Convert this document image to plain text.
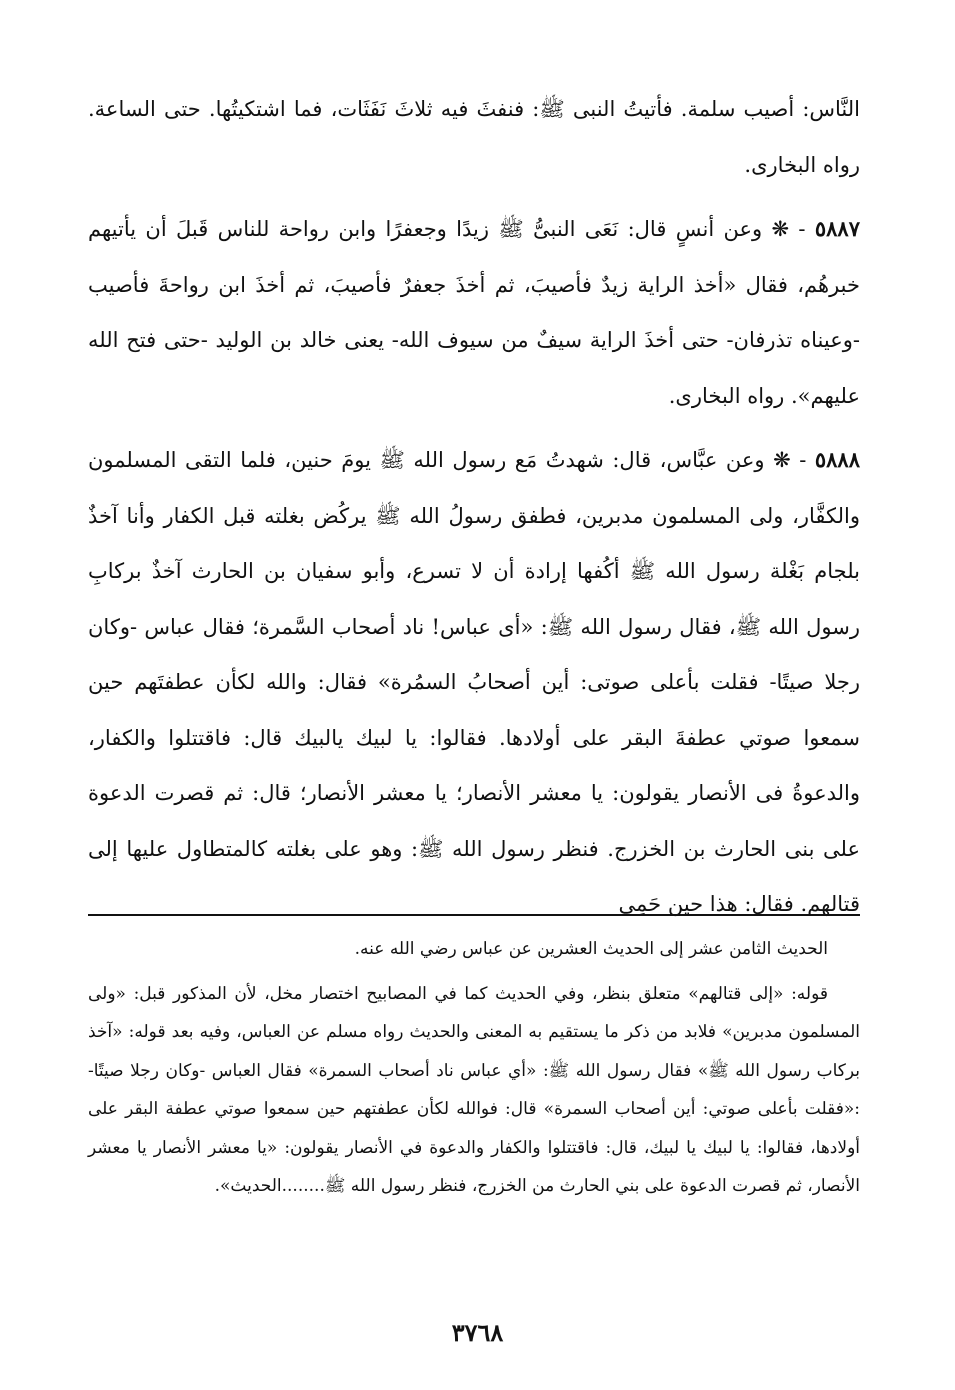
النَّاس: أصيب سلمة. فأتيتُ النبى ﷺ: فنفثَ فيه ثلاثَ نَفَثَات، فما اشتكيتُها. حتى الساعة. رواه البخارى.

٥٨٨٧ - ❋ وعن أنسٍ قال: نَعَى النبىُّ ﷺ زيدًا وجعفرًا وابن رواحة للناس قَبلَ أن يأتيهم خبرهُم، فقال «أخذ الراية زيدٌ فأصيبَ، ثم أخذَ جعفرٌ فأصيبَ، ثم أخذَ ابن رواحةَ فأصيب -وعيناه تذرفان- حتى أخذَ الراية سيفٌ من سيوف الله- يعنى خالد بن الوليد -حتى فتح الله عليهم». رواه البخارى.

٥٨٨٨ - ❋ وعن عبَّاس، قال: شهدتُ مَع رسول الله ﷺ يومَ حنين، فلما التقى المسلمون والكفَّار، ولى المسلمون مدبرين، فطفق رسولُ الله ﷺ يركُض بغلته قبل الكفار وأنا آخذٌ بلجام بَغْلة رسول الله ﷺ أكُفها إرادة أن لا تسرع، وأبو سفيان بن الحارث آخذٌ بركابِ رسول الله ﷺ، فقال رسول الله ﷺ: «أى عباس! ناد أصحاب السَّمرة؛ فقال عباس -وكان رجلا صيتًا- فقلت بأعلى صوتى: أين أصحابُ السمُرة» فقال: والله لكأن عطفتَهم حين سمعوا صوتي عطفةَ البقر على أولادها. فقالوا: يا لبيك يالبيك قال: فاقتتلوا والكفار، والدعوةُ فى الأنصار يقولون: يا معشر الأنصار؛ يا معشر الأنصار؛ قال: ثم قصرت الدعوة على بنى الحارث بن الخزرج. فنظر رسول الله ﷺ: وهو على بغلته كالمتطاول عليها إلى قتالهم. فقال: هذا حين حَمِى

الحديث الثامن عشر إلى الحديث العشرين عن عباس رضي الله عنه.

قوله: «إلى قتالهم» متعلق بنظر، وفي الحديث كما في المصابيح اختصار مخل، لأن المذكور قبل: «ولى المسلمون مدبرين» فلابد من ذكر ما يستقيم به المعنى والحديث رواه مسلم عن العباس، وفيه بعد قوله: «آخذ بركاب رسول الله ﷺ» فقال رسول الله ﷺ: «أي عباس ناد أصحاب السمرة» فقال العباس -وكان رجلا صيتًا- :«فقلت بأعلى صوتي: أين أصحاب السمرة» قال: فوالله لكأن عطفتهم حين سمعوا صوتي عطفة البقر على أولادها، فقالوا: يا لبيك يا لبيك، قال: فاقتتلوا والكفار والدعوة في الأنصار يقولون: «يا معشر الأنصار يا معشر الأنصار، ثم قصرت الدعوة على بني الحارث من الخزرج، فنظر رسول الله ﷺ........الحديث».

٣٧٦٨
